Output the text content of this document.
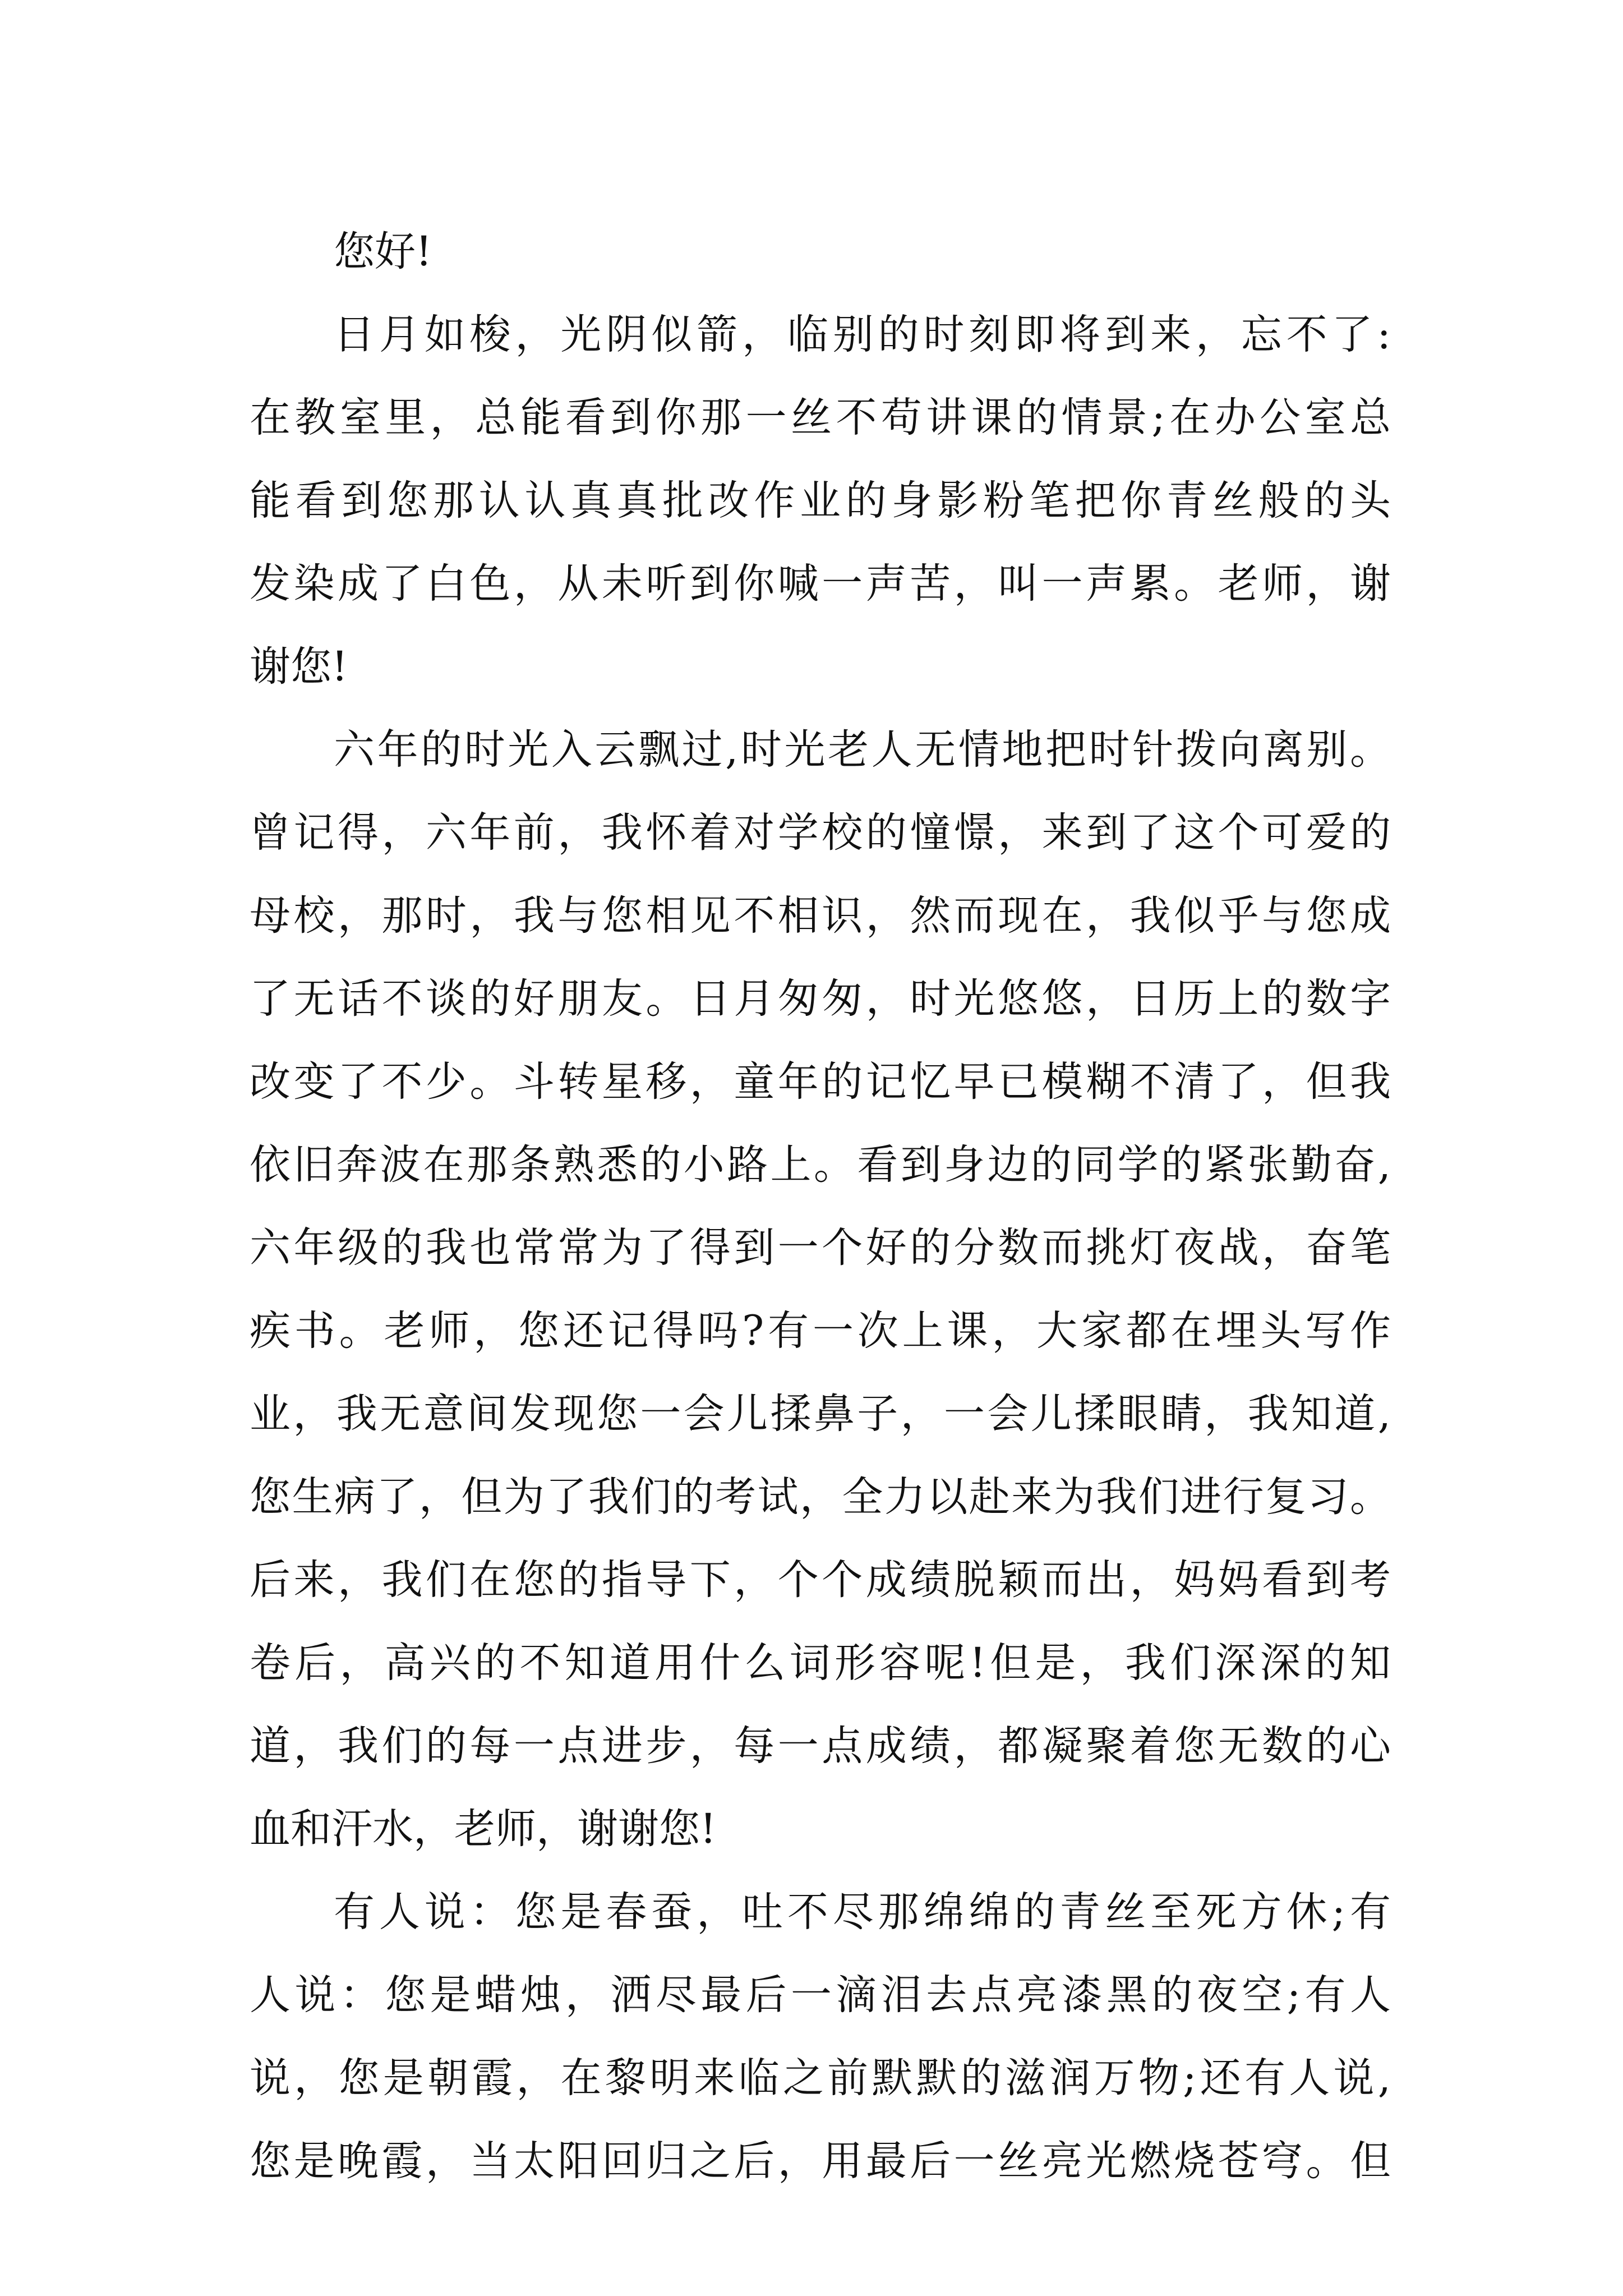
您好!
日月如梭，光阴似箭，临别的时刻即将到来，忘不了:
在教室里，总能看到你那一丝不苟讲课的情景;在办公室总
能看到您那认认真真批改作业的身影粉笔把你青丝般的头
发染成了白色，从未听到你喊一声苦，叫一声累。老师，谢
谢您!
六年的时光入云飘过,时光老人无情地把时针拨向离别。
曾记得，六年前，我怀着对学校的憧憬，来到了这个可爱的
母校，那时，我与您相见不相识，然而现在，我似乎与您成
了无话不谈的好朋友。日月匆匆，时光悠悠，日历上的数字
改变了不少。斗转星移，童年的记忆早已模糊不清了，但我
依旧奔波在那条熟悉的小路上。看到身边的同学的紧张勤奋,
六年级的我也常常为了得到一个好的分数而挑灯夜战，奋笔
疾书。老师，您还记得吗?有一次上课，大家都在埋头写作
业，我无意间发现您一会儿揉鼻子，一会儿揉眼睛，我知道,
您生病了，但为了我们的考试，全力以赴来为我们进行复习。
后来，我们在您的指导下，个个成绩脱颖而出，妈妈看到考
卷后，高兴的不知道用什么词形容呢!但是，我们深深的知
道，我们的每一点进步，每一点成绩，都凝聚着您无数的心
血和汗水，老师，谢谢您!
有人说：您是春蚕，吐不尽那绵绵的青丝至死方休;有
人说：您是蜡烛，洒尽最后一滴泪去点亮漆黑的夜空;有人
说，您是朝霞，在黎明来临之前默默的滋润万物;还有人说,
您是晚霞，当太阳回归之后，用最后一丝亮光燃烧苍穹。但
